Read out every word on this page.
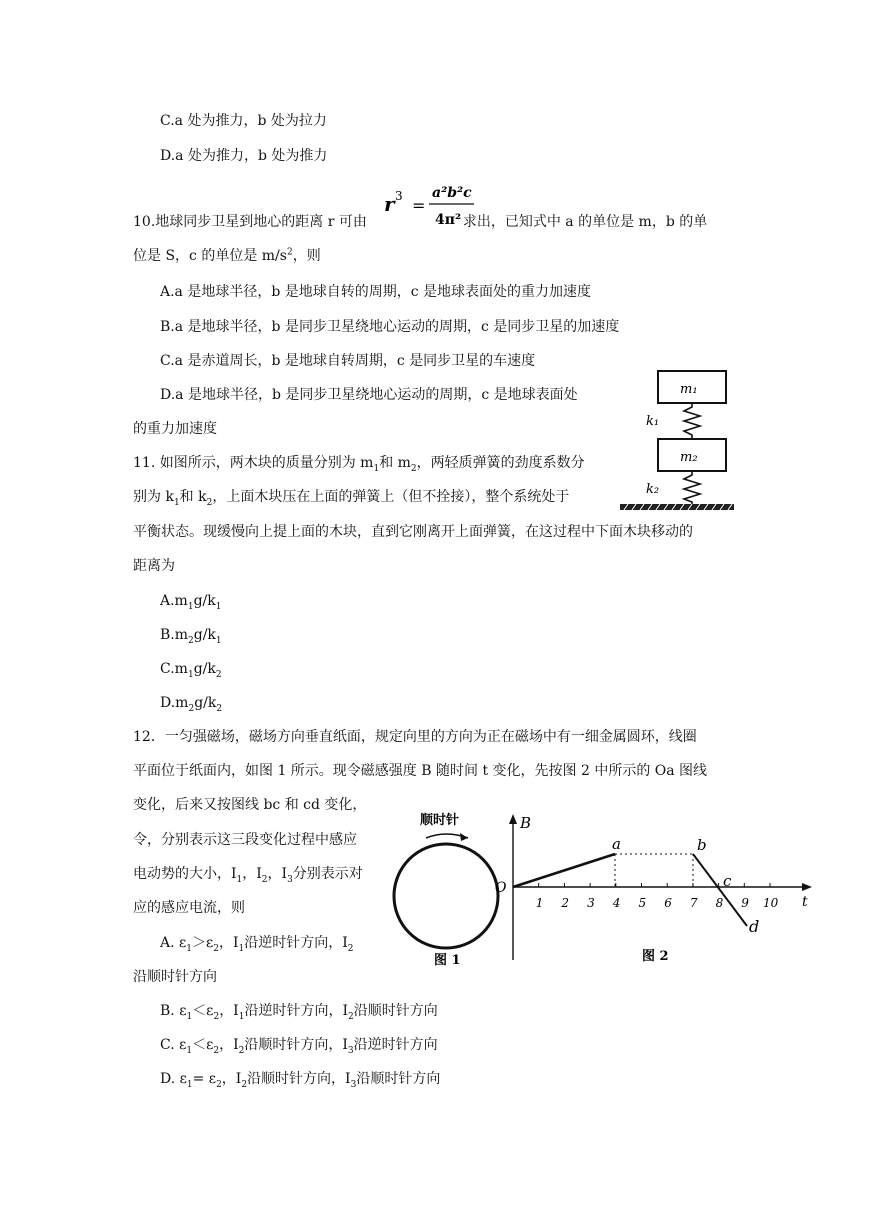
C.a 处为推力，b 处为拉力
D.a 处为推力，b 处为推力
r 3 =
a²b²c
4π²
10.地球同步卫星到地心的距离 r 可由	求出，已知式中 a 的单位是 m，b 的单
位是 S，c 的单位是 $m/s^2$，则
A.a 是地球半径，b 是地球自转的周期，c 是地球表面处的重力加速度
B.a 是地球半径，b 是同步卫星绕地心运动的周期，c 是同步卫星的加速度
C.a 是赤道周长，b 是地球自转周期，c 是同步卫星的车速度
D.a 是地球半径，b 是同步卫星绕地心运动的周期，c 是地球表面处
的重力加速度
m₁
k₁
m₂
k₂
11. 如图所示，两木块的质量分别为 $m_1$和 $m_2$，两轻质弹簧的劲度系数分
别为 $k_1$和 $k_2$，上面木块压在上面的弹簧上（但不拴接），整个系统处于
平衡状态。现缓慢向上提上面的木块，直到它刚离开上面弹簧，在这过程中下面木块移动的
距离为
$A.m_1g/k_1$
$B.m_2g/k_1$
$C.m_1g/k_2$
$D.m_2g/k_2$
12．一匀强磁场，磁场方向垂直纸面，规定向里的方向为正在磁场中有一细金属圆环，线圈
平面位于纸面内，如图 1 所示。现令磁感强度 B 随时间 t 变化，先按图 2 中所示的 Oa 图线
变化，后来又按图线 bc 和 cd 变化，
令，分别表示这三段变化过程中感应
电动势的大小，$I_1$，$I_2$，$I_3$分别表示对
应的感应电流，则
A. $\varepsilon_1>\varepsilon_2$，$I_1$沿逆时针方向，$I_2$
沿顺时针方向
B. $\varepsilon_1<\varepsilon_2$，$I_1$沿逆时针方向，$I_2$沿顺时针方向
C. $\varepsilon_1<\varepsilon_2$，$I_2$沿顺时针方向，$I_3$沿逆时针方向
D. $\varepsilon_1= \varepsilon_2$，$I_2$沿顺时针方向，$I_3$沿顺时针方向
顺时针
图 1
B
t
O
1 2 3 4 5 6 7 8 9 10
a	b
c
d
图 2
